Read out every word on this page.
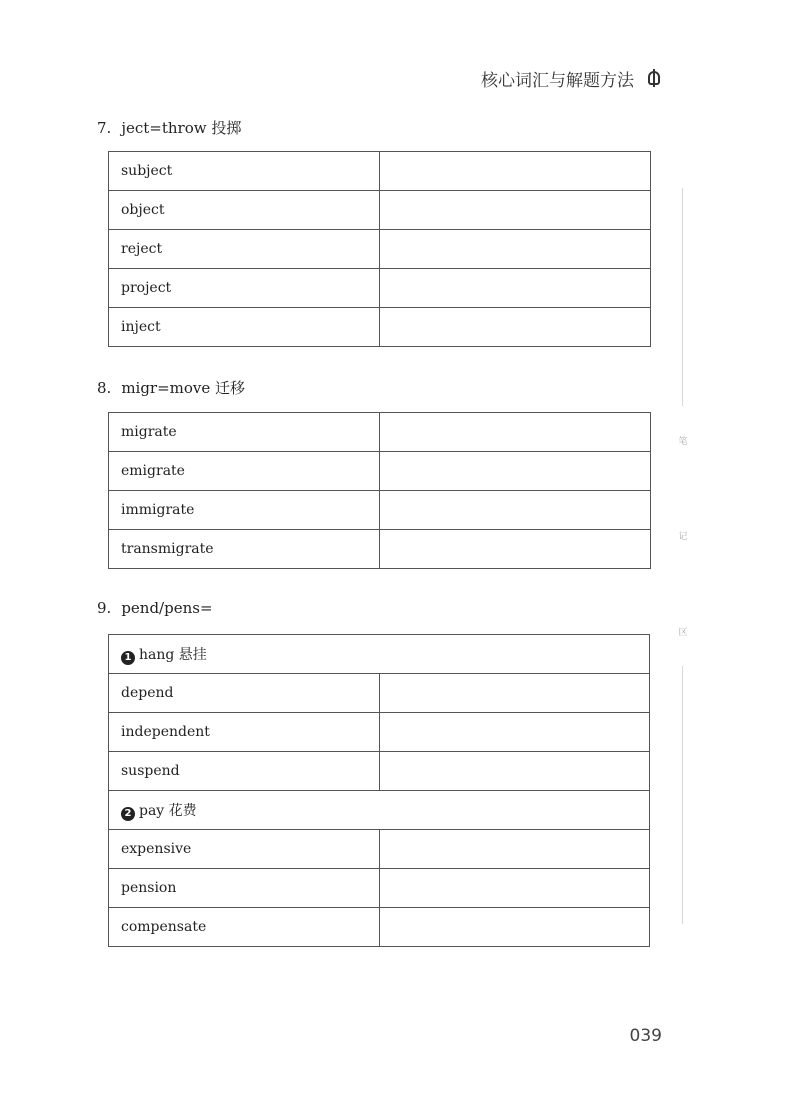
核心词汇与解题方法
7. ject=throw 投掷
subject	
object	
reject	
project	
inject	
8. migr=move 迁移
migrate	
emigrate	
immigrate	
transmigrate	
9. pend/pens=
1 hang 悬挂	
depend	
independent	
suspend	
2 pay 花费	
expensive	
pension	
compensate	
笔
记
区
039
